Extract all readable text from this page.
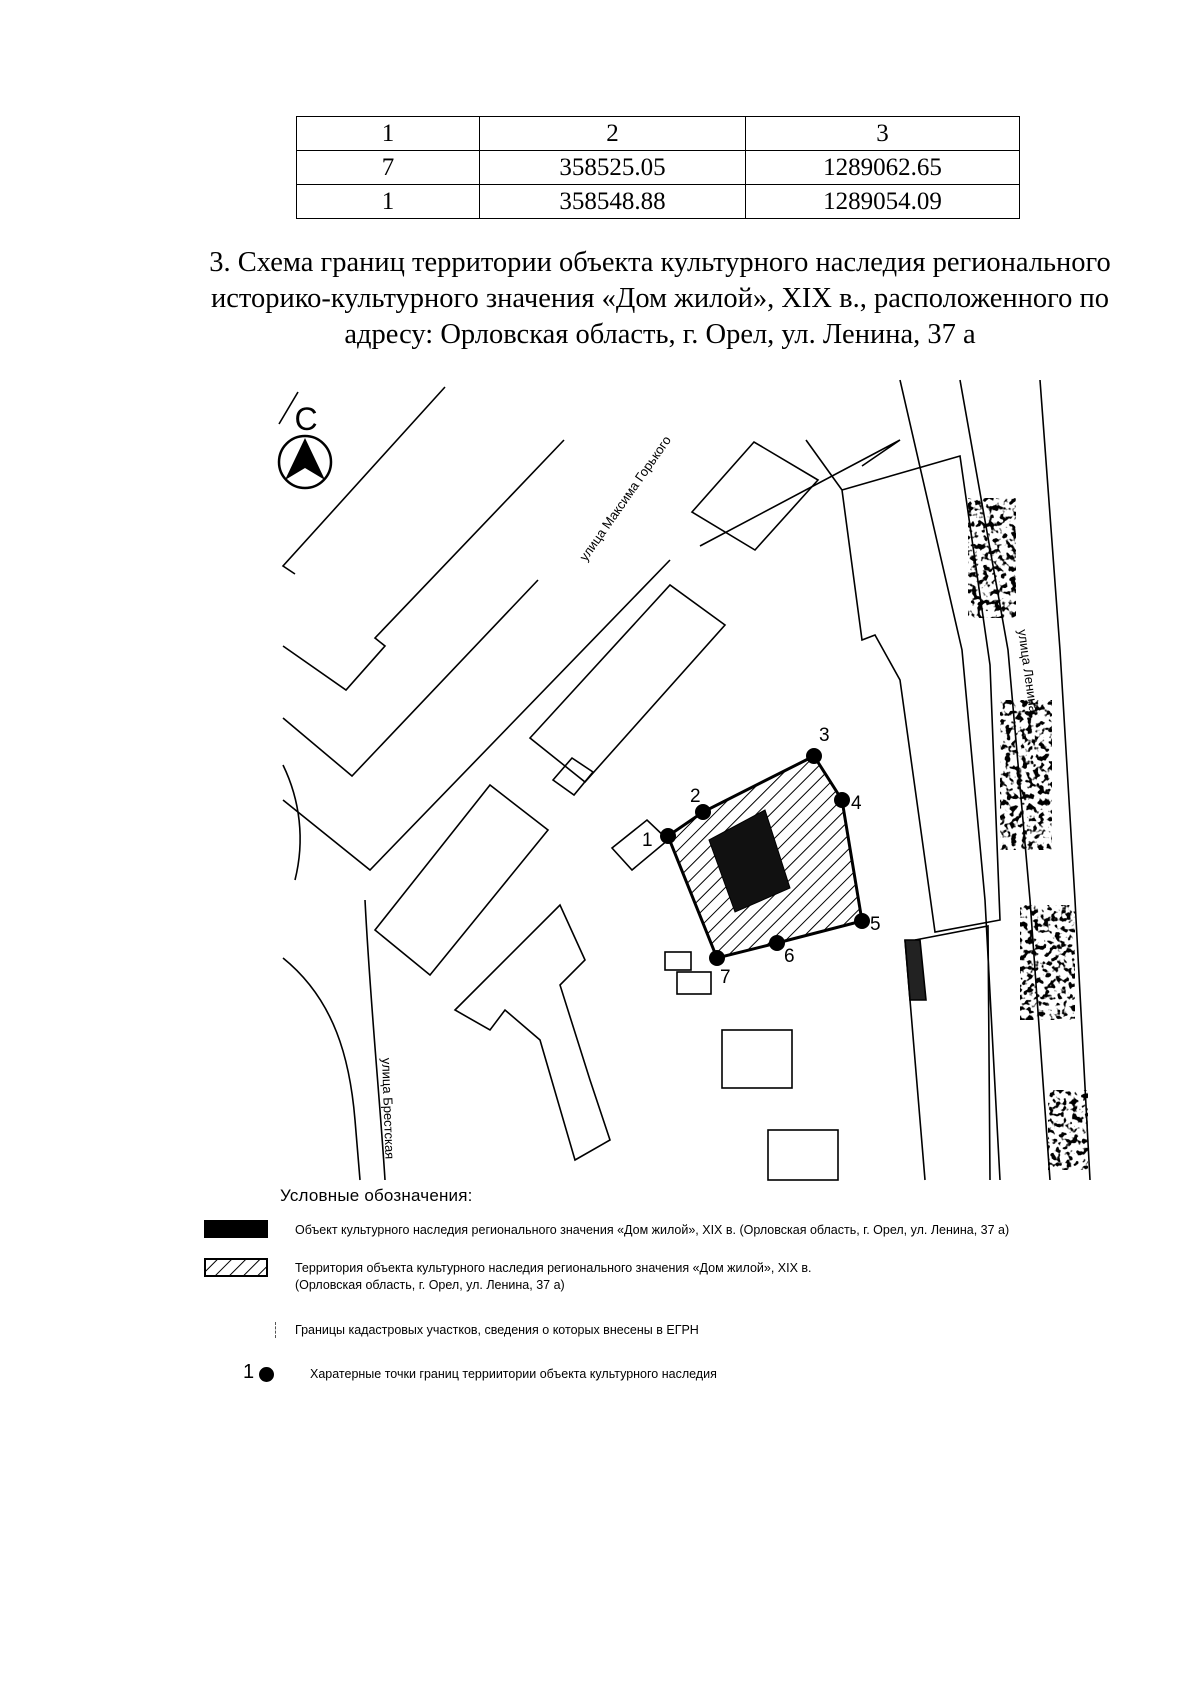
1	2	3
7	358525.05	1289062.65
1	358548.88	1289054.09
3. Схема границ территории объекта культурного наследия регионального
историко-культурного значения «Дом жилой», XIX в., расположенного по
адресу: Орловская область, г. Орел, ул. Ленина, 37 а
С
1
2
3
4
5
6
7
улица Максима Горького
улица Ленина
улица Брестская
Условные обозначения:
Объект культурного наследия регионального значения «Дом жилой», XIX в. (Орловская область, г. Орел, ул. Ленина, 37 а)
Территория объекта культурного наследия регионального значения «Дом жилой», XIX в.
(Орловская область, г. Орел, ул. Ленина, 37 а)
Границы кадастровых участков, сведения о которых внесены в ЕГРН
1	Харатерные точки границ терриитории объекта культурного наследия
